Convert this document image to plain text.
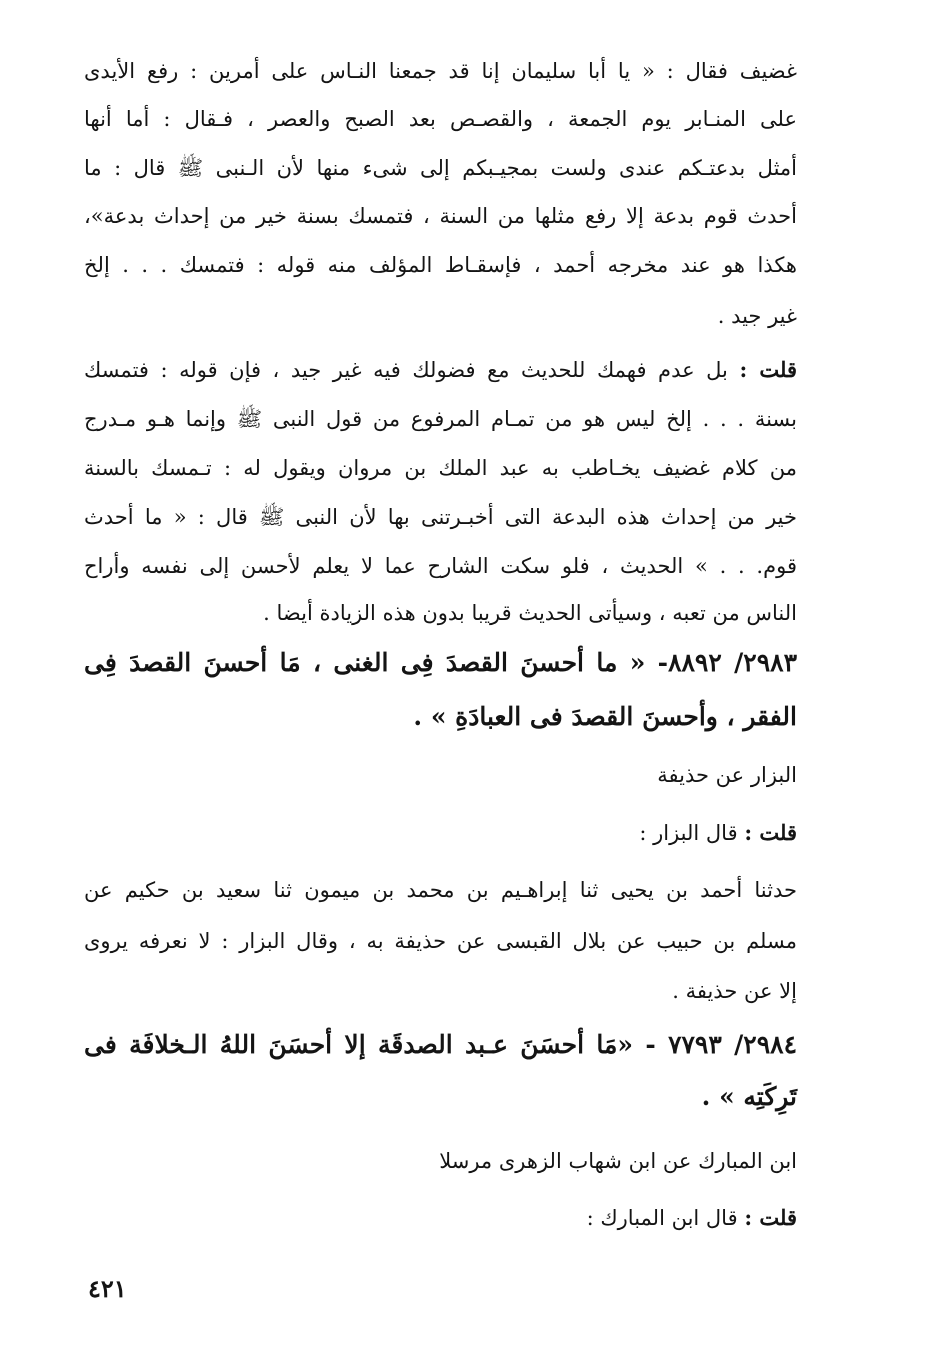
غضيف فقال : « يا أبا سليمان إنا قد جمعنا النـاس على أمرين : رفع الأيدى
على المنـابر يوم الجمعة ، والقصـص بعد الصبح والعصر ، فـقال : أما أنها
أمثل بدعتـكم عندى ولست بمجيـبكم إلى شىء منها لأن الـنبى ﷺ قال : ما
أحدث قوم بدعة إلا رفع مثلها من السنة ، فتمسك بسنة خير من إحداث بدعة»،
هكذا هو عند مخرجه أحمد ، فإسقـاط المؤلف منه قوله : فتمسك . . . إلخ
غير جيد .
قلت : بل عدم فهمك للحديث مع فضولك فيه غير جيد ، فإن قوله : فتمسك
بسنة . . . إلخ ليس هو من تمـام المرفوع من قول النبى ﷺ وإنما هـو مـدرج
من كلام غضيف يخـاطب به عبد الملك بن مروان ويقول له : تـمسك بالسنة
خير من إحداث هذه البدعة التى أخبـرتنى بها لأن النبى ﷺ قال : « ما أحدث
قوم. . . » الحديث ، فلو سكت الشارح عما لا يعلم لأحسن إلى نفسه وأراح
الناس من تعبه ، وسيأتى الحديث قريبا بدون هذه الزيادة أيضا .
٢٩٨٣/ ٨٨٩٢- « ما أحسنَ القصدَ فِى الغنى ، مَا أحسنَ القصدَ فِى
الفقر ، وأحسنَ القصدَ فى العبادَةِ » .
البزار عن حذيفة
قلت : قال البزار :
حدثنا أحمد بن يحيى ثنا إبراهـيم بن محمد بن ميمون ثنا سعيد بن حكيم عن
مسلم بن حبيب عن بلال القبسى عن حذيفة به ، وقال البزار : لا نعرفه يروى
إلا عن حذيفة .
٢٩٨٤/ ٧٧٩٣ - «مَا أحسَنَ عـبد الصدقَة إلا أحسَنَ اللهُ الـخلافَة فى
تَرِكَتِه » .
ابن المبارك عن ابن شهاب الزهرى مرسلا
قلت : قال ابن المبارك :
٤٢١
